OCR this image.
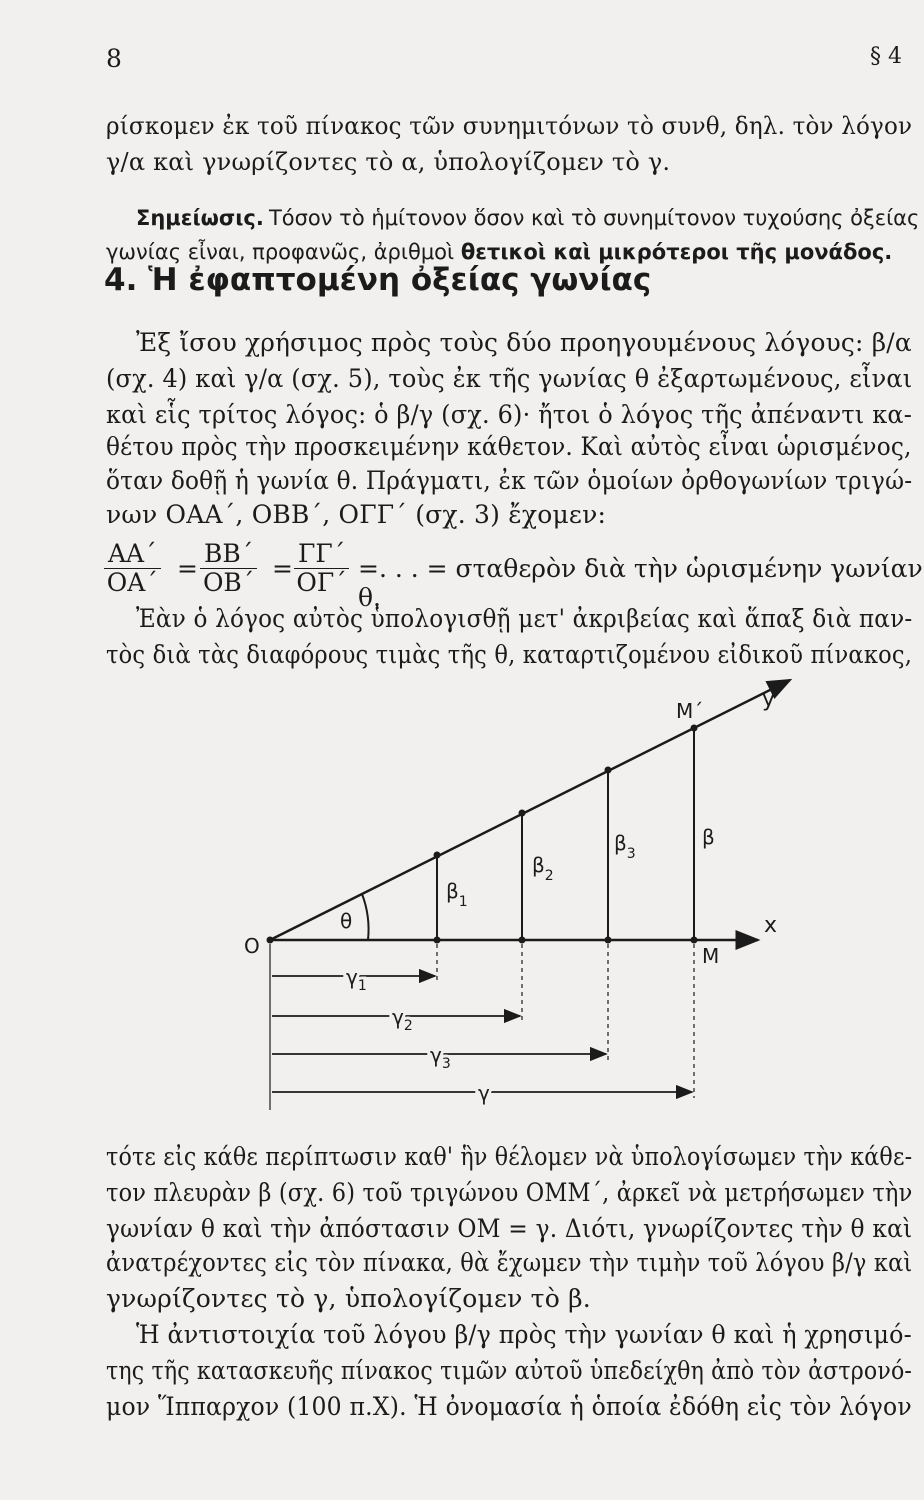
8	§ 4
ρίσκομεν ἐκ τοῦ πίνακος τῶν συνημιτόνων τὸ συνθ, δηλ. τὸν λόγον
γ/α καὶ γνωρίζοντες τὸ α, ὑπολογίζομεν τὸ γ.
Σημείωσις. Τόσον τὸ ἡμίτονον ὅσον καὶ τὸ συνημίτονον τυχούσης ὀξείας
γωνίας εἶναι, προφανῶς, ἀριθμοὶ θετικοὶ καὶ μικρότεροι τῆς μονάδος.
4. Ἡ ἐφαπτομένη ὀξείας γωνίας
Ἐξ ἴσου χρήσιμος πρὸς τοὺς δύο προηγουμένους λόγους: β/α
(σχ. 4) καὶ γ/α (σχ. 5), τοὺς ἐκ τῆς γωνίας θ ἐξαρτωμένους, εἶναι
καὶ εἷς τρίτος λόγος: ὁ β/γ (σχ. 6)· ἤτοι ὁ λόγος τῆς ἀπέναντι κα-
θέτου πρὸς τὴν προσκειμένην κάθετον. Καὶ αὐτὸς εἶναι ὡρισμένος,
ὅταν δοθῇ ἡ γωνία θ. Πράγματι, ἐκ τῶν ὁμοίων ὀρθογωνίων τριγώ-
νων ΟΑΑ΄, ΟΒΒ΄, ΟΓΓ΄ (σχ. 3) ἔχομεν:
$\frac{AA΄}{OA΄} = \frac{BB΄}{OB΄} = \frac{\Gamma\Gamma΄}{O\Gamma΄}$ =. . . = σταθερὸν διὰ τὴν ὡρισμένην γωνίαν θ.
Ἐὰν ὁ λόγος αὐτὸς ὑπολογισθῇ μετ' ἀκριβείας καὶ ἅπαξ διὰ παν-
τὸς διὰ τὰς διαφόρους τιμὰς τῆς θ, καταρτιζομένου εἰδικοῦ πίνακος,
O
x
y
M
M΄
θ
β
$\beta_1$
$\beta_2$
$\beta_3$
$\gamma_1$
$\gamma_2$
$\gamma_3$
γ
τότε εἰς κάθε περίπτωσιν καθ' ἣν θέλομεν νὰ ὑπολογίσωμεν τὴν κάθε-
τον πλευρὰν β (σχ. 6) τοῦ τριγώνου ΟΜΜ΄, ἀρκεῖ νὰ μετρήσωμεν τὴν
γωνίαν θ καὶ τὴν ἀπόστασιν ΟΜ = γ. Διότι, γνωρίζοντες τὴν θ καὶ
ἀνατρέχοντες εἰς τὸν πίνακα, θὰ ἔχωμεν τὴν τιμὴν τοῦ λόγου β/γ καὶ
γνωρίζοντες τὸ γ, ὑπολογίζομεν τὸ β.
Ἡ ἀντιστοιχία τοῦ λόγου β/γ πρὸς τὴν γωνίαν θ καὶ ἡ χρησιμό-
της τῆς κατασκευῆς πίνακος τιμῶν αὐτοῦ ὑπεδείχθη ἀπὸ τὸν ἀστρονό-
μον Ἵππαρχον (100 π.Χ). Ἡ ὀνομασία ἡ ὁποία ἐδόθη εἰς τὸν λόγον
